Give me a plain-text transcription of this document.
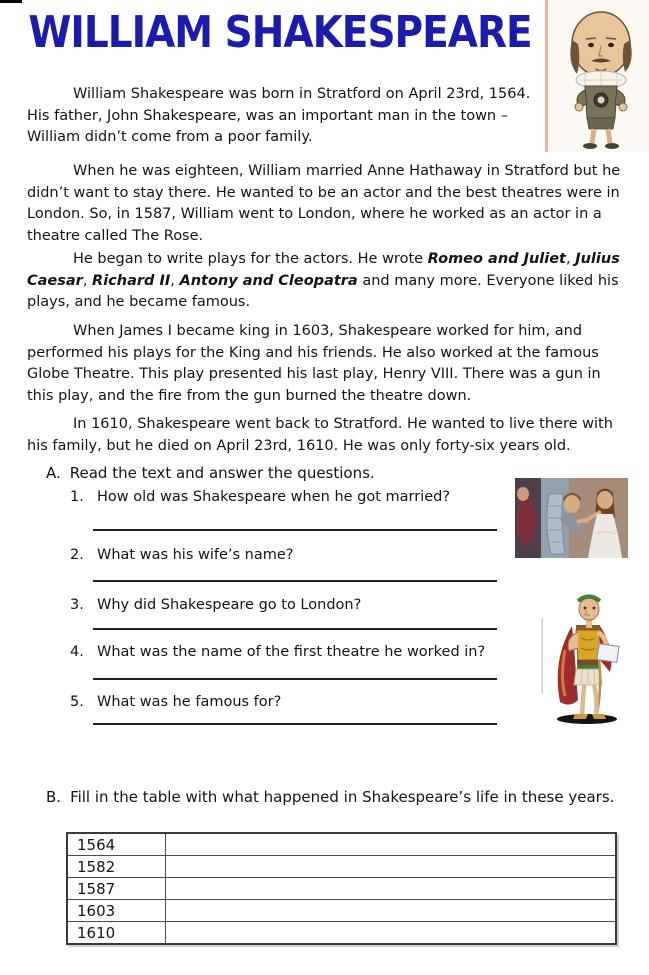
WILLIAM SHAKESPEARE

William Shakespeare was born in Stratford on April 23rd, 1564. His father, John Shakespeare, was an important man in the town – William didn’t come from a poor family.

When he was eighteen, William married Anne Hathaway in Stratford but he didn’t want to stay there. He wanted to be an actor and the best theatres were in London. So, in 1587, William went to London, where he worked as an actor in a theatre called The Rose.

He began to write plays for the actors. He wrote Romeo and Juliet, Julius Caesar, Richard II, Antony and Cleopatra and many more. Everyone liked his plays, and he became famous.

When James I became king in 1603, Shakespeare worked for him, and performed his plays for the King and his friends. He also worked at the famous Globe Theatre. This play presented his last play, Henry VIII. There was a gun in this play, and the fire from the gun burned the theatre down.

In 1610, Shakespeare went back to Stratford. He wanted to live there with his family, but he died on April 23rd, 1610. He was only forty-six years old.

A. Read the text and answer the questions.
1. How old was Shakespeare when he got married?
2. What was his wife’s name?
3. Why did Shakespeare go to London?
4. What was the name of the first theatre he worked in?
5. What was he famous for?
B. Fill in the table with what happened in Shakespeare’s life in these years.
1564	
1582	
1587	
1603	
1610	
